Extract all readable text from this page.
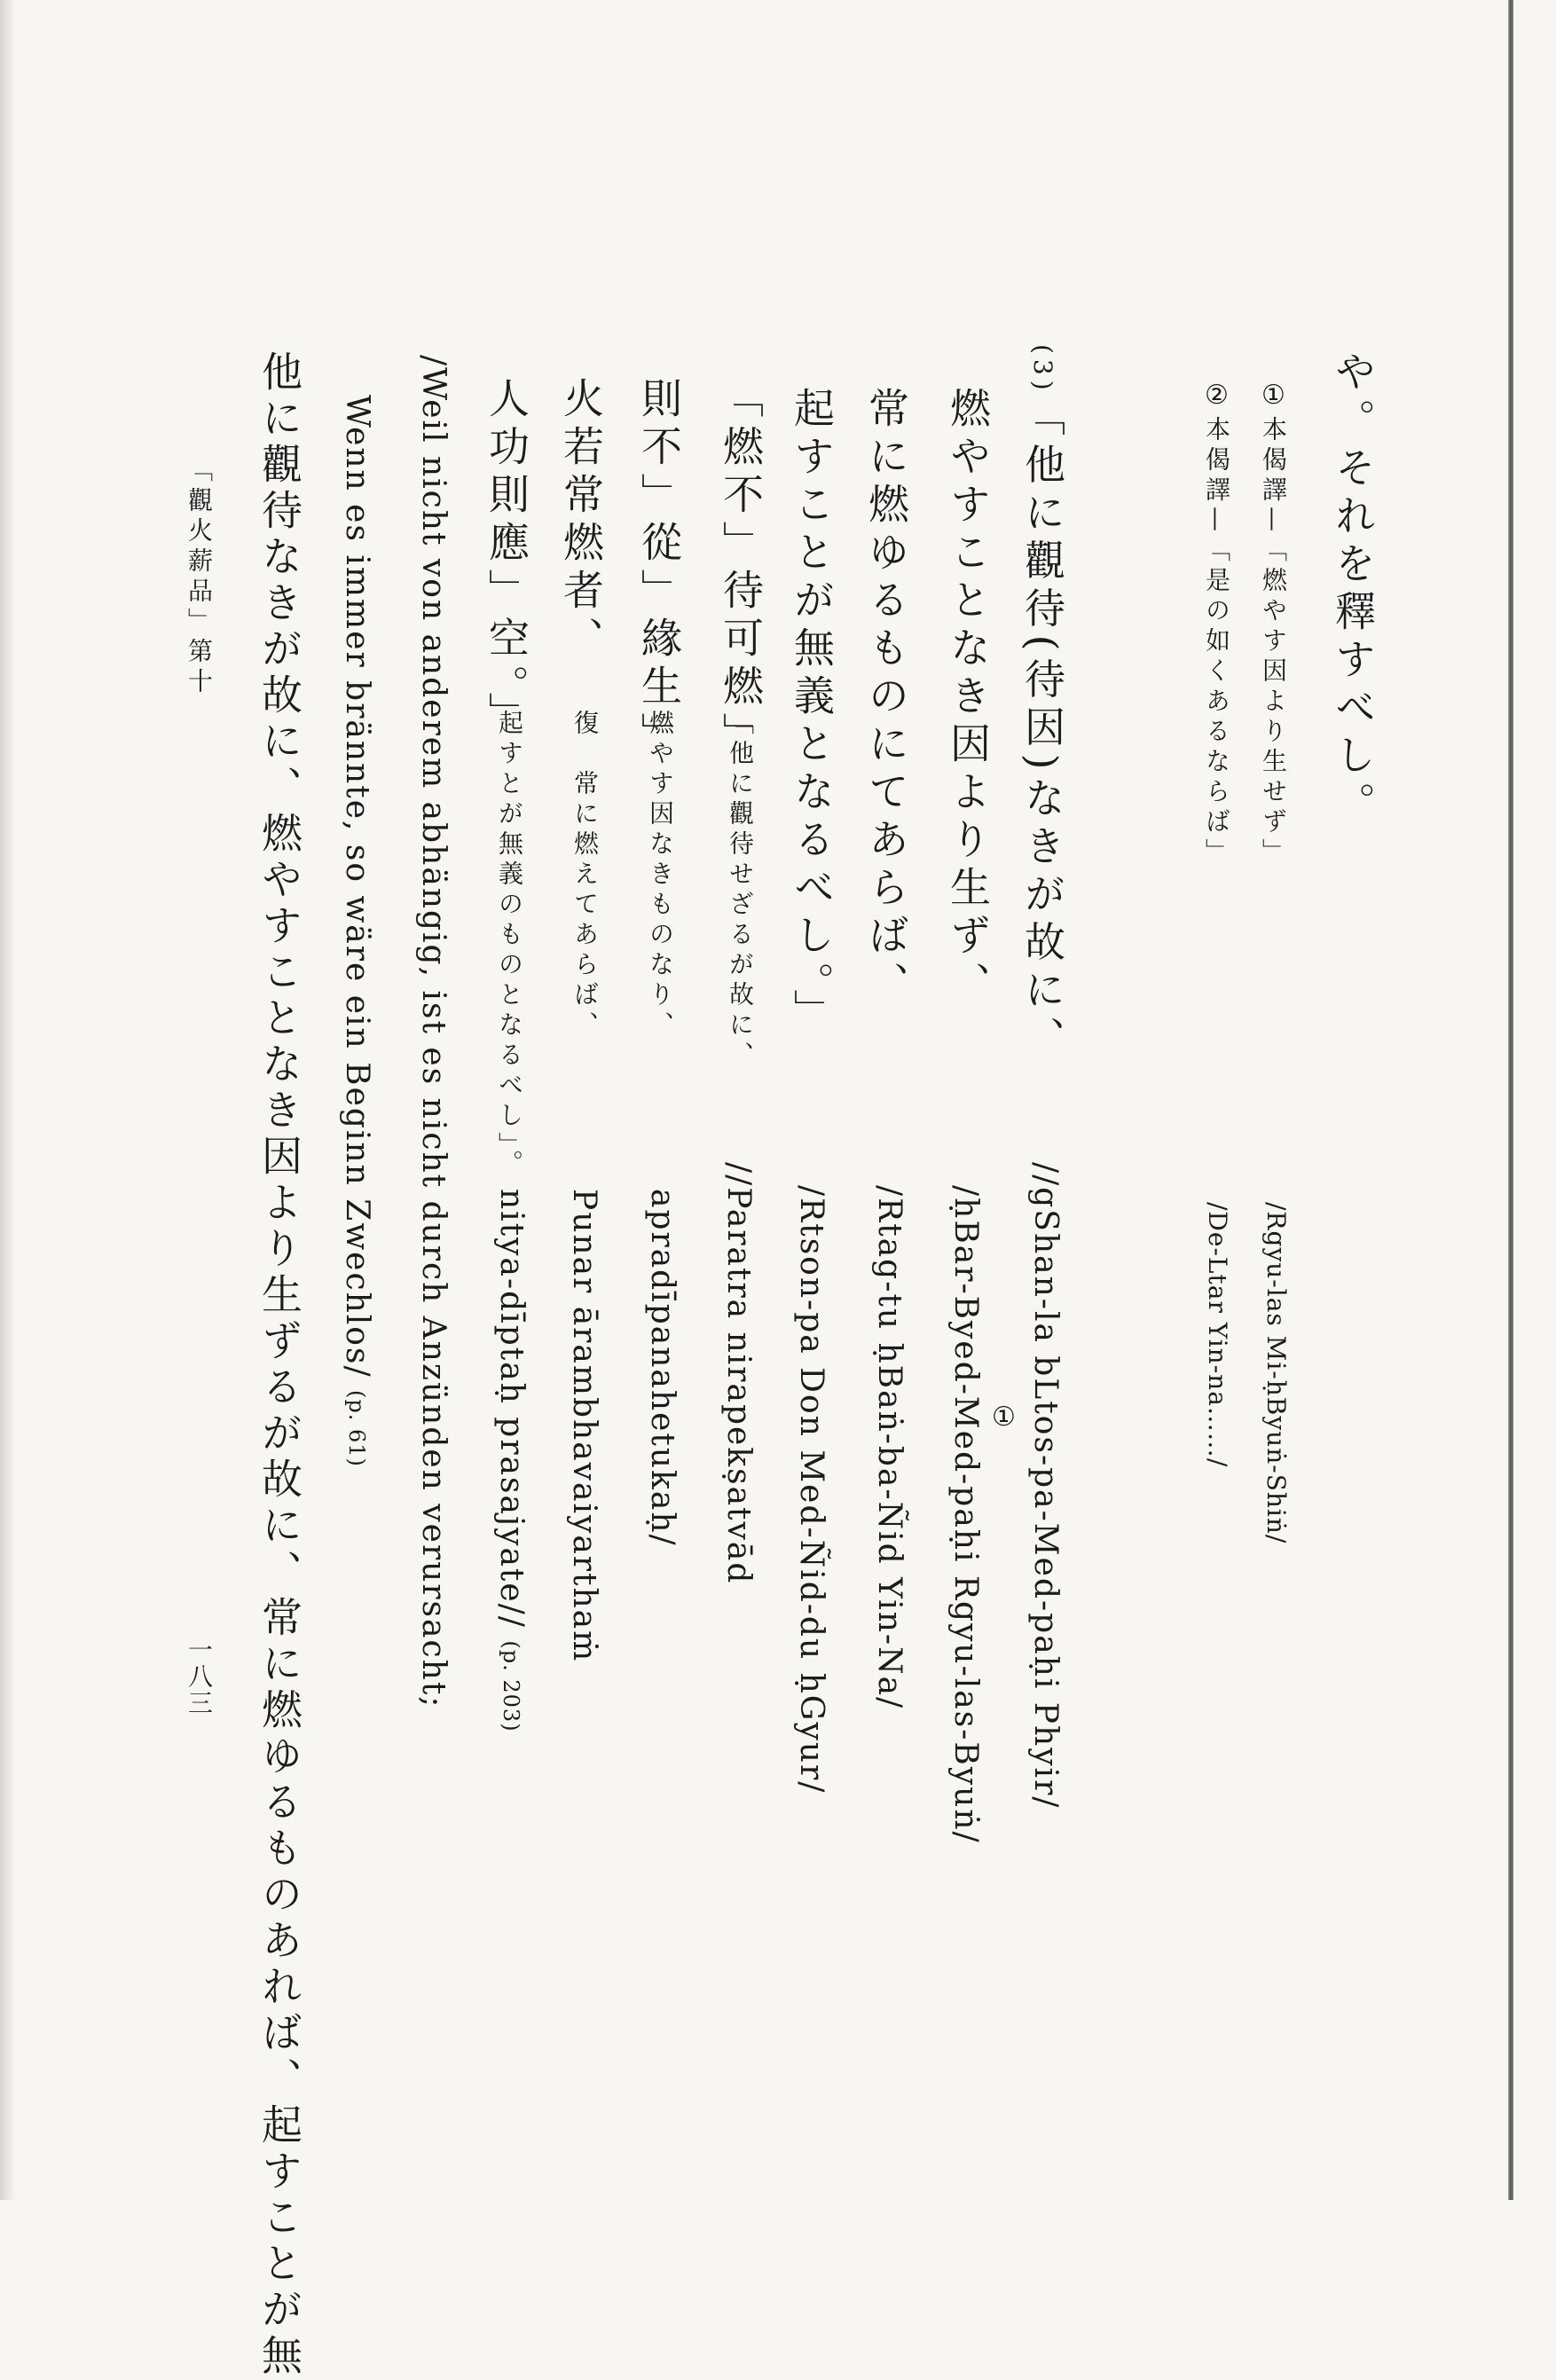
や。それを釋すべし。
①本偈譯—「燃やす因より生せず」
②本偈譯—「是の如くあるならば」
/Rgyu-las Mi-ḥByuṅ-Shiṅ/
/De-Ltar Yin-na……/
(3)「他に觀待(待因)なきが故に、
燃やすことなき因より生ず、
常に燃ゆるものにてあらば、
起すことが無義となるべし。」
//gShan-la bLtos-pa-Med-paḥi Phyir/
①
/ḥBar-Byed-Med-paḥi Rgyu-las-Byuṅ/
/Rtag-tu ḥBaṅ-ba-Ñid Yin-Na/
/Rtson-pa Don Med-Ñid-du ḥGyur/
「燃不」待可燃」
「他に觀待せざるが故に、
則不」從」緣生」
燃やす因なきものなり、
火若常燃者、
復　常に燃えてあらば、
人功則應」空。」
起すとが無義のものとなるべし」。
//Paratra nirapekṣatvād
apradīpanahetukaḥ/
Punar ārambhavaiyarthaṁ
nitya-dīptaḥ prasajyate// (p. 203)
/Weil nicht von anderem abhängig, ist es nicht durch Anzünden verursacht;
Wenn es immer brännte, so wäre ein Beginn Zwechlos/ (p. 61)
他に觀待なきが故に、燃やすことなき因より生ずるが故に、常に燃ゆるものあれば、起すことが無
「觀火薪品」第十
一八三
